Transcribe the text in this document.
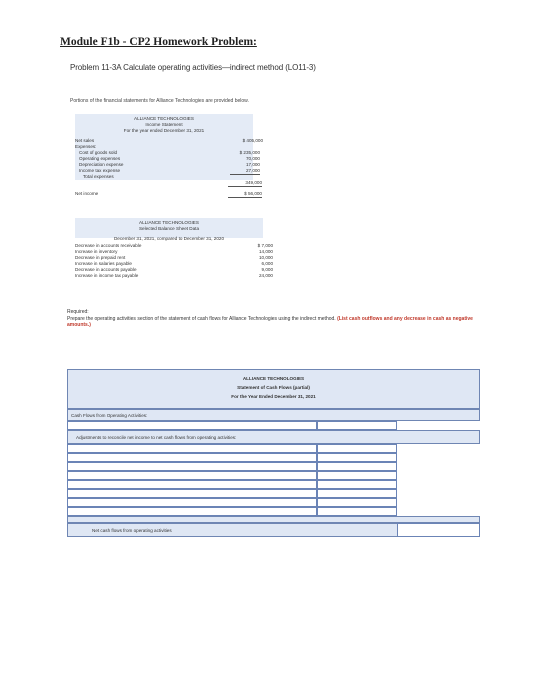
Module F1b - CP2 Homework Problem:
Problem 11-3A Calculate operating activities—indirect method (LO11-3)
Portions of the financial statements for Alliance Technologies are provided below.
ALLIANCE TECHNOLOGIES
Income Statement
For the year ended December 31, 2021
Net sales	$ 405,000
Expenses:
Cost of goods sold	$ 235,000
Operating expenses	70,000
Depreciation expense	17,000
Income tax expense	27,000
Total expenses
349,000
Net income	$ 56,000
ALLIANCE TECHNOLOGIES
Selected Balance Sheet Data
December 31, 2021, compared to December 31, 2020
Decrease in accounts receivable	$ 7,000
Increase in inventory	14,000
Decrease in prepaid rent	10,000
Increase in salaries payable	6,000
Decrease in accounts payable	9,000
Increase in income tax payable	24,000
Required:
Prepare the operating activities section of the statement of cash flows for Alliance Technologies using the indirect method. (List cash outflows and any decrease in cash as negative amounts.)
ALLIANCE TECHNOLOGIES
Statement of Cash Flows (partial)
For the Year Ended December 31, 2021
Cash Flows from Operating Activities:
Adjustments to reconcile net income to net cash flows from operating activities:
Net cash flows from operating activities
